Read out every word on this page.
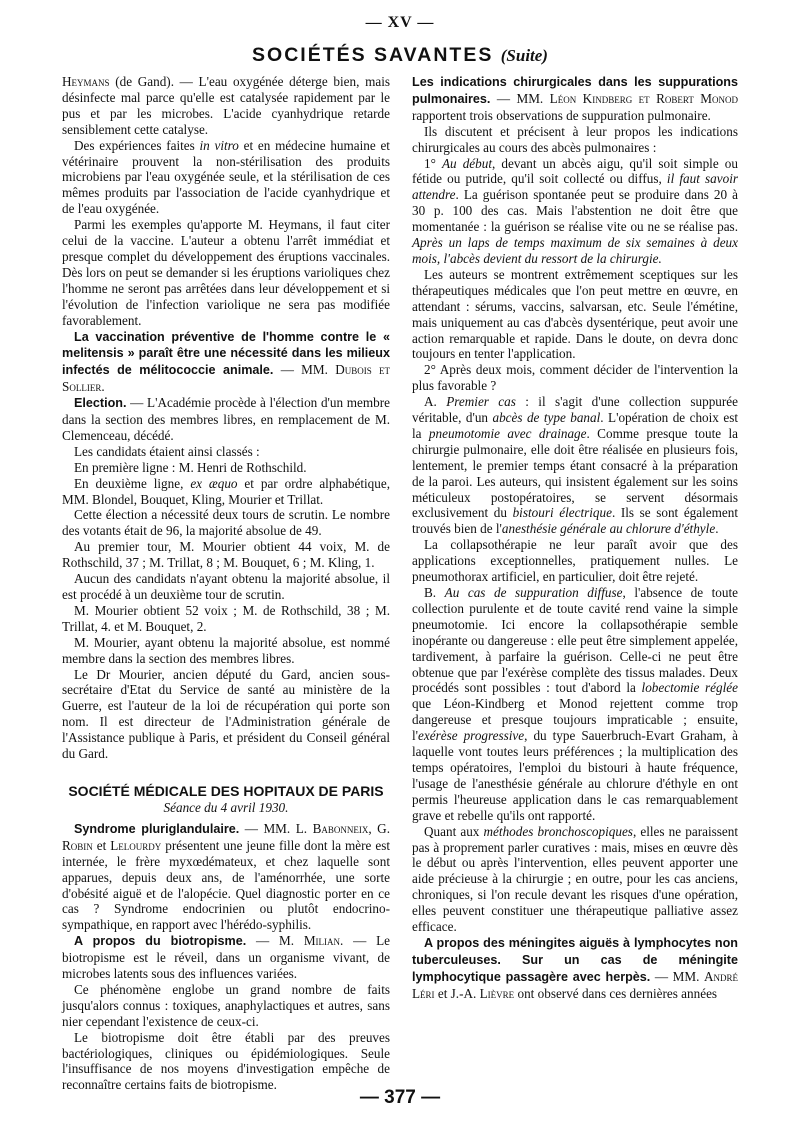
— XV —
SOCIÉTÉS SAVANTES (Suite)

Heymans (de Gand). — L'eau oxygénée déterge bien, mais désinfecte mal parce qu'elle est catalysée rapidement par le pus et par les microbes. L'acide cyanhydrique retarde sensiblement cette catalyse.

Des expériences faites in vitro et en médecine humaine et vétérinaire prouvent la non-stérilisation des produits microbiens par l'eau oxygénée seule, et la stérilisation de ces mêmes produits par l'association de l'acide cyanhydrique et de l'eau oxygénée.

Parmi les exemples qu'apporte M. Heymans, il faut citer celui de la vaccine. L'auteur a obtenu l'arrêt immédiat et presque complet du développement des éruptions vaccinales. Dès lors on peut se demander si les éruptions varioliques chez l'homme ne seront pas arrêtées dans leur développement et si l'évolution de l'infection variolique ne sera pas modifiée favorablement.

La vaccination préventive de l'homme contre le « melitensis » paraît être une nécessité dans les milieux infectés de mélitococcie animale. — MM. Dubois et Sollier.

Election. — L'Académie procède à l'élection d'un membre dans la section des membres libres, en remplacement de M. Clemenceau, décédé.

Les candidats étaient ainsi classés :

En première ligne : M. Henri de Rothschild.

En deuxième ligne, ex æquo et par ordre alphabétique, MM. Blondel, Bouquet, Kling, Mourier et Trillat.

Cette élection a nécessité deux tours de scrutin. Le nombre des votants était de 96, la majorité absolue de 49.

Au premier tour, M. Mourier obtient 44 voix, M. de Rothschild, 37 ; M. Trillat, 8 ; M. Bouquet, 6 ; M. Kling, 1.

Aucun des candidats n'ayant obtenu la majorité absolue, il est procédé à un deuxième tour de scrutin.

M. Mourier obtient 52 voix ; M. de Rothschild, 38 ; M. Trillat, 4. et M. Bouquet, 2.

M. Mourier, ayant obtenu la majorité absolue, est nommé membre dans la section des membres libres.

Le Dr Mourier, ancien député du Gard, ancien sous-secrétaire d'Etat du Service de santé au ministère de la Guerre, est l'auteur de la loi de récupération qui porte son nom. Il est directeur de l'Administration générale de l'Assistance publique à Paris, et président du Conseil général du Gard.

SOCIÉTÉ MÉDICALE DES HOPITAUX DE PARIS

Séance du 4 avril 1930.

Syndrome pluriglandulaire. — MM. L. Babonneix, G. Robin et Lelourdy présentent une jeune fille dont la mère est internée, le frère myxœdémateux, et chez laquelle sont apparues, depuis deux ans, de l'aménorrhée, une sorte d'obésité aiguë et de l'alopécie. Quel diagnostic porter en ce cas ? Syndrome endocrinien ou plutôt endocrino-sympathique, en rapport avec l'hérédo-syphilis.

A propos du biotropisme. — M. Milian. — Le biotropisme est le réveil, dans un organisme vivant, de microbes latents sous des influences variées.

Ce phénomène englobe un grand nombre de faits jusqu'alors connus : toxiques, anaphylactiques et autres, sans nier cependant l'existence de ceux-ci.

Le biotropisme doit être établi par des preuves bactériologiques, cliniques ou épidémiologiques. Seule l'insuffisance de nos moyens d'investigation empêche de reconnaître certains faits de biotropisme.

Les indications chirurgicales dans les suppurations pulmonaires. — MM. Léon Kindberg et Robert Monod rapportent trois observations de suppuration pulmonaire.

Ils discutent et précisent à leur propos les indications chirurgicales au cours des abcès pulmonaires :

1° Au début, devant un abcès aigu, qu'il soit simple ou fétide ou putride, qu'il soit collecté ou diffus, il faut savoir attendre. La guérison spontanée peut se produire dans 20 à 30 p. 100 des cas. Mais l'abstention ne doit être que momentanée : la guérison se réalise vite ou ne se réalise pas. Après un laps de temps maximum de six semaines à deux mois, l'abcès devient du ressort de la chirurgie.

Les auteurs se montrent extrêmement sceptiques sur les thérapeutiques médicales que l'on peut mettre en œuvre, en attendant : sérums, vaccins, salvarsan, etc. Seule l'émétine, mais uniquement au cas d'abcès dysentérique, peut avoir une action remarquable et rapide. Dans le doute, on devra donc toujours en tenter l'application.

2° Après deux mois, comment décider de l'intervention la plus favorable ?

A. Premier cas : il s'agit d'une collection suppurée véritable, d'un abcès de type banal. L'opération de choix est la pneumotomie avec drainage. Comme presque toute la chirurgie pulmonaire, elle doit être réalisée en plusieurs fois, lentement, le premier temps étant consacré à la préparation de la paroi. Les auteurs, qui insistent également sur les soins méticuleux postopératoires, se servent désormais exclusivement du bistouri électrique. Ils se sont également trouvés bien de l'anesthésie générale au chlorure d'éthyle.

La collapsothérapie ne leur paraît avoir que des applications exceptionnelles, pratiquement nulles. Le pneumothorax artificiel, en particulier, doit être rejeté.

B. Au cas de suppuration diffuse, l'absence de toute collection purulente et de toute cavité rend vaine la simple pneumotomie. Ici encore la collapsothérapie semble inopérante ou dangereuse : elle peut être simplement appelée, tardivement, à parfaire la guérison. Celle-ci ne peut être obtenue que par l'exérèse complète des tissus malades. Deux procédés sont possibles : tout d'abord la lobectomie réglée que Léon-Kindberg et Monod rejettent comme trop dangereuse et presque toujours impraticable ; ensuite, l'exérèse progressive, du type Sauerbruch-Evart Graham, à laquelle vont toutes leurs préférences ; la multiplication des temps opératoires, l'emploi du bistouri à haute fréquence, l'usage de l'anesthésie générale au chlorure d'éthyle en ont permis l'heureuse application dans le cas remarquablement grave et rebelle qu'ils ont rapporté.

Quant aux méthodes bronchoscopiques, elles ne paraissent pas à proprement parler curatives : mais, mises en œuvre dès le début ou après l'intervention, elles peuvent apporter une aide précieuse à la chirurgie ; en outre, pour les cas anciens, chroniques, si l'on recule devant les risques d'une opération, elles peuvent constituer une thérapeutique palliative assez efficace.

A propos des méningites aiguës à lymphocytes non tuberculeuses. Sur un cas de méningite lymphocytique passagère avec herpès. — MM. André Léri et J.-A. Lièvre ont observé dans ces dernières années

— 377 —
